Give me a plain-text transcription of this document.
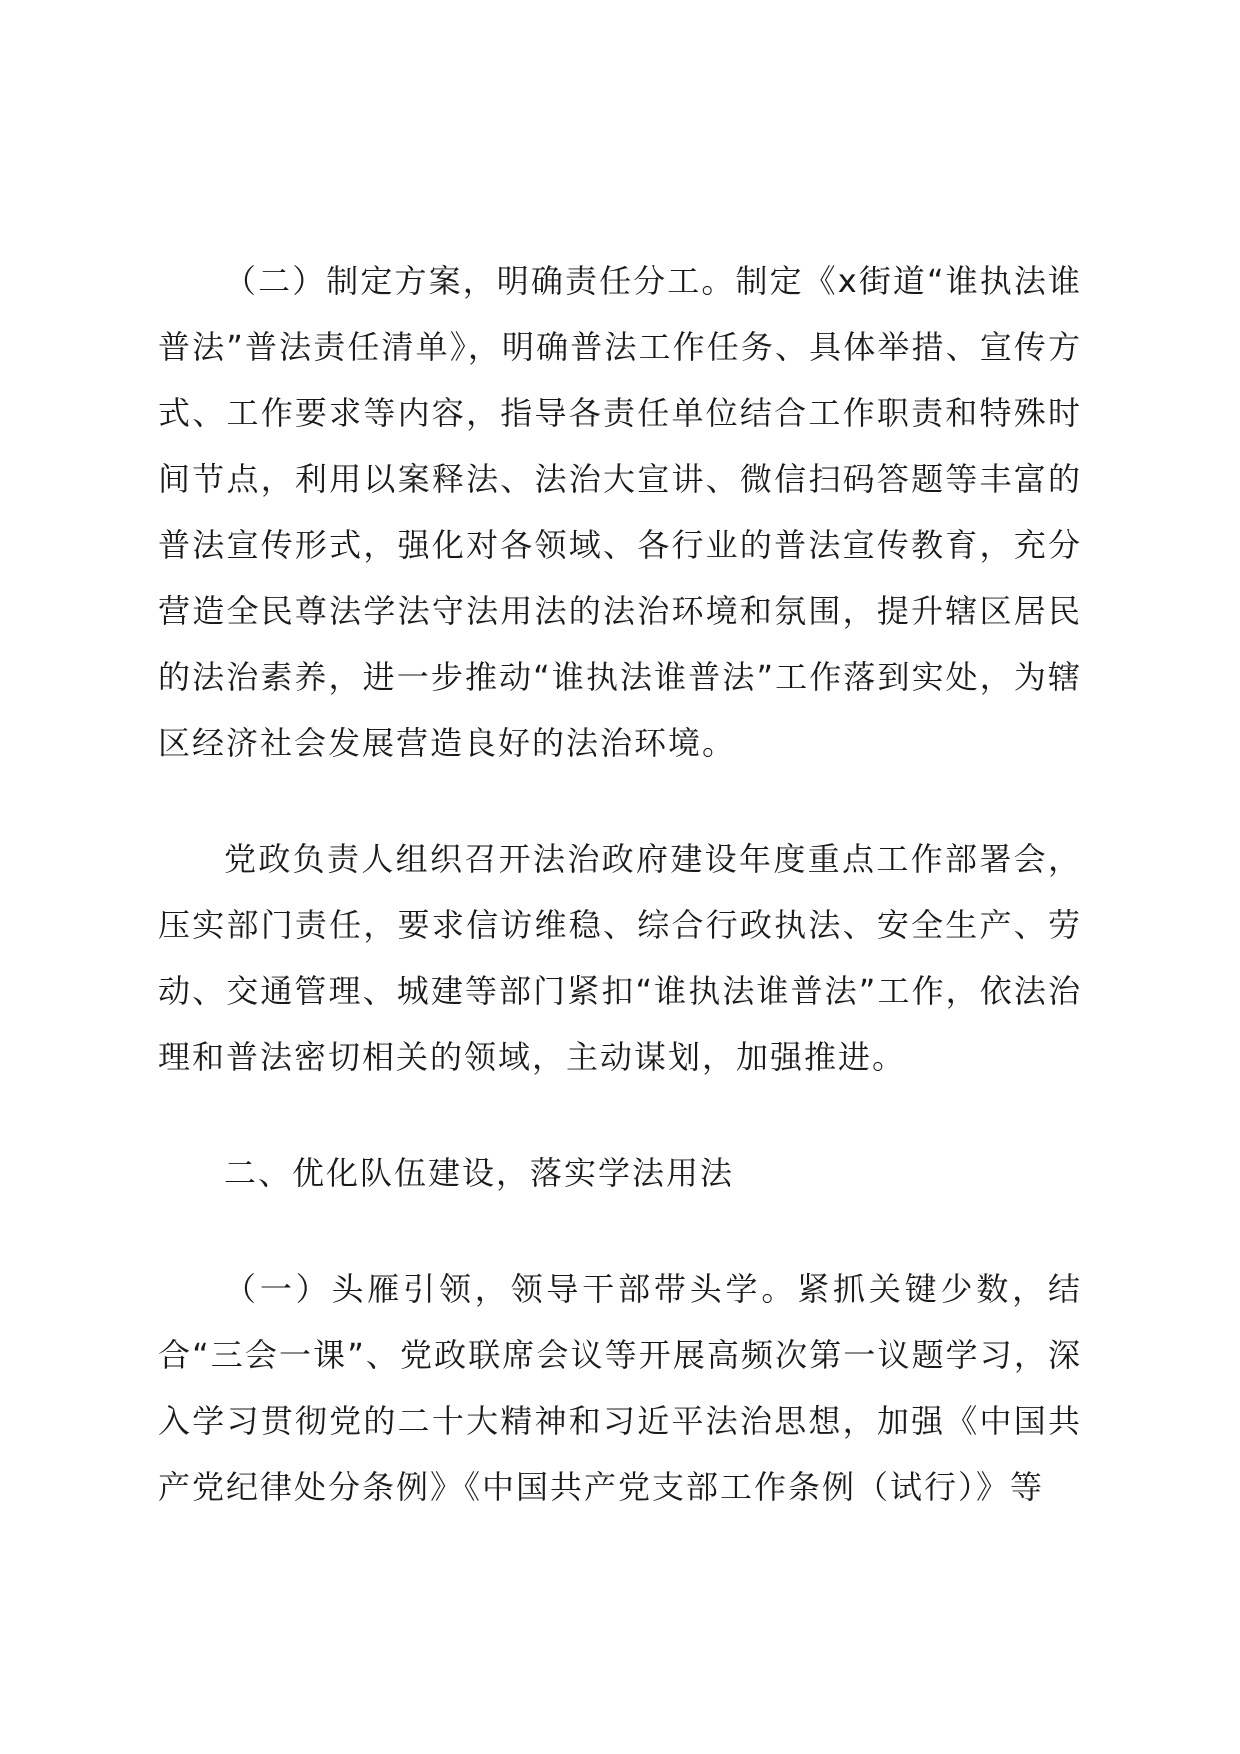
（二）制定方案，明确责任分工。制定《x街道“谁执法谁普法”普法责任清单》，明确普法工作任务、具体举措、宣传方式、工作要求等内容，指导各责任单位结合工作职责和特殊时间节点，利用以案释法、法治大宣讲、微信扫码答题等丰富的普法宣传形式，强化对各领域、各行业的普法宣传教育，充分营造全民尊法学法守法用法的法治环境和氛围，提升辖区居民的法治素养，进一步推动“谁执法谁普法”工作落到实处，为辖区经济社会发展营造良好的法治环境。

党政负责人组织召开法治政府建设年度重点工作部署会，压实部门责任，要求信访维稳、综合行政执法、安全生产、劳动、交通管理、城建等部门紧扣“谁执法谁普法”工作，依法治理和普法密切相关的领域，主动谋划，加强推进。

二、优化队伍建设，落实学法用法

（一）头雁引领，领导干部带头学。紧抓关键少数，结合“三会一课”、党政联席会议等开展高频次第一议题学习，深入学习贯彻党的二十大精神和习近平法治思想，加强《中国共产党纪律处分条例》《中国共产党支部工作条例（试行）》等
